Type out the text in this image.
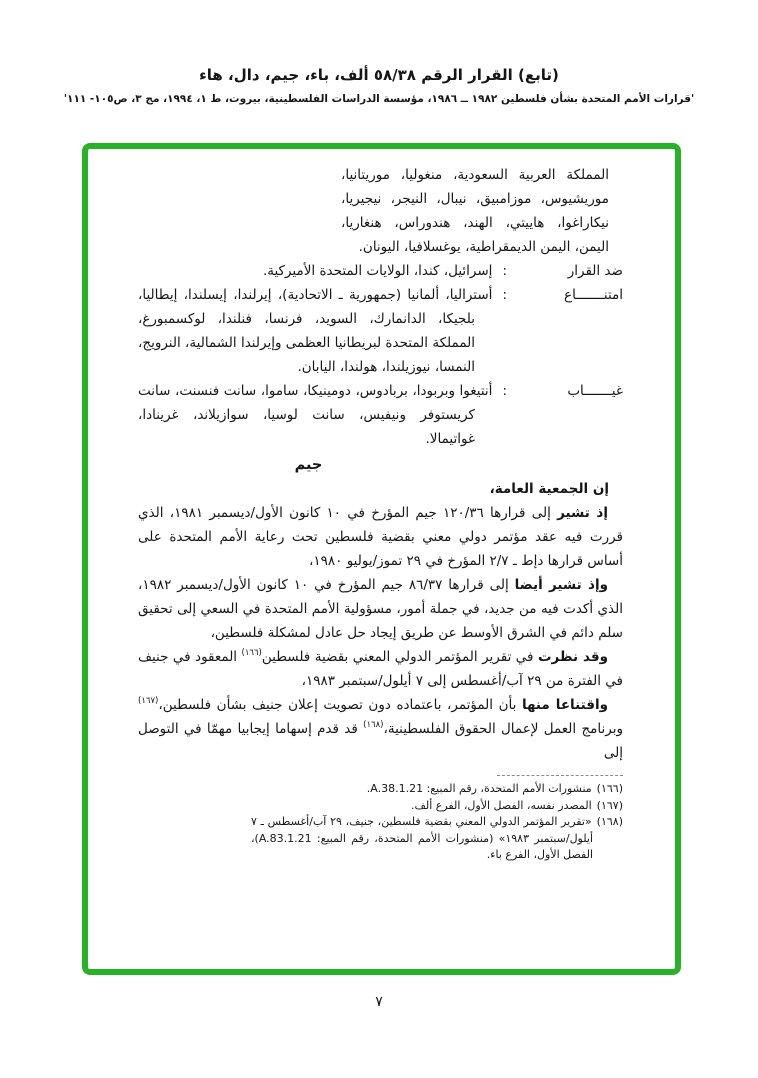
(تابع) القرار الرقم ٥٨/٣٨ ألف، باء، جيم، دال، هاء
'قرارات الأمم المتحدة بشأن فلسطين ١٩٨٢ ــ ١٩٨٦، مؤسسة الدراسات الفلسطينية، بيروت، ط ١، ١٩٩٤، مج ٣، ص١٠٥- ١١١'
المملكة العربية السعودية، منغوليا، موريتانيا، موريشيوس، موزامبيق، نيبال، النيجر، نيجيريا، نيكاراغوا، هاييتي، الهند، هندوراس، هنغاريا، اليمن، اليمن الديمقراطية، يوغسلافيا، اليونان.

ضد القرار:إسرائيل، كندا، الولايات المتحدة الأميركية.

امتنـــــــاع:أستراليا، ألمانيا (جمهورية ـ الاتحادية)، إيرلندا، إيسلندا، إيطاليا، بلجيكا، الدانمارك، السويد، فرنسا، فنلندا، لوكسمبورغ، المملكة المتحدة لبريطانيا العظمى وإيرلندا الشمالية، النرويج، النمسا، نيوزيلندا، هولندا، اليابان.

غيـــــــاب:أنتيغوا وبربودا، بربادوس، دومينيكا، ساموا، سانت فنسنت، سانت كريستوفر ونيفيس، سانت لوسيا، سوازيلاند، غرينادا، غواتيمالا.

جيم

إن الجمعية العامة،

إذ تشير إلى قرارها ١٢٠/٣٦ جيم المؤرخ في ١٠ كانون الأول/ديسمبر ١٩٨١، الذي قررت فيه عقد مؤتمر دولي معني بقضية فلسطين تحت رعاية الأمم المتحدة على أساس قرارها دإط ـ ٢/٧ المؤرخ في ٢٩ تموز/يوليو ١٩٨٠،

وإذ تشير أيضا إلى قرارها ٨٦/٣٧ جيم المؤرخ في ١٠ كانون الأول/ديسمبر ١٩٨٢، الذي أكدت فيه من جديد، في جملة أمور، مسؤولية الأمم المتحدة في السعي إلى تحقيق سلم دائم في الشرق الأوسط عن طريق إيجاد حل عادل لمشكلة فلسطين،

وقد نظرت في تقرير المؤتمر الدولي المعني بقضية فلسطين$^{(١٦٦)}$ المعقود في جنيف في الفترة من ٢٩ آب/أغسطس إلى ٧ أيلول/سبتمبر ١٩٨٣،

واقتناعا منها بأن المؤتمر، باعتماده دون تصويت إعلان جنيف بشأن فلسطين،$^{(١٦٧)}$ وبرنامج العمل لإعمال الحقوق الفلسطينية،$^{(١٦٨)}$ قد قدم إسهاما إيجابيا مهمّا في التوصل إلى

(١٦٦)منشورات الأمم المتحدة، رقم المبيع: A.38.1.21.

(١٦٧)المصدر نفسه، الفصل الأول، الفرع ألف.

(١٦٨)«تقرير المؤتمر الدولي المعني بقضية فلسطين، جنيف، ٢٩ آب/أغسطس ـ ٧ أيلول/سبتمبر ١٩٨٣» (منشورات الأمم المتحدة، رقم المبيع: A.83.1.21)، الفصل الأول، الفرع باء.

٧
